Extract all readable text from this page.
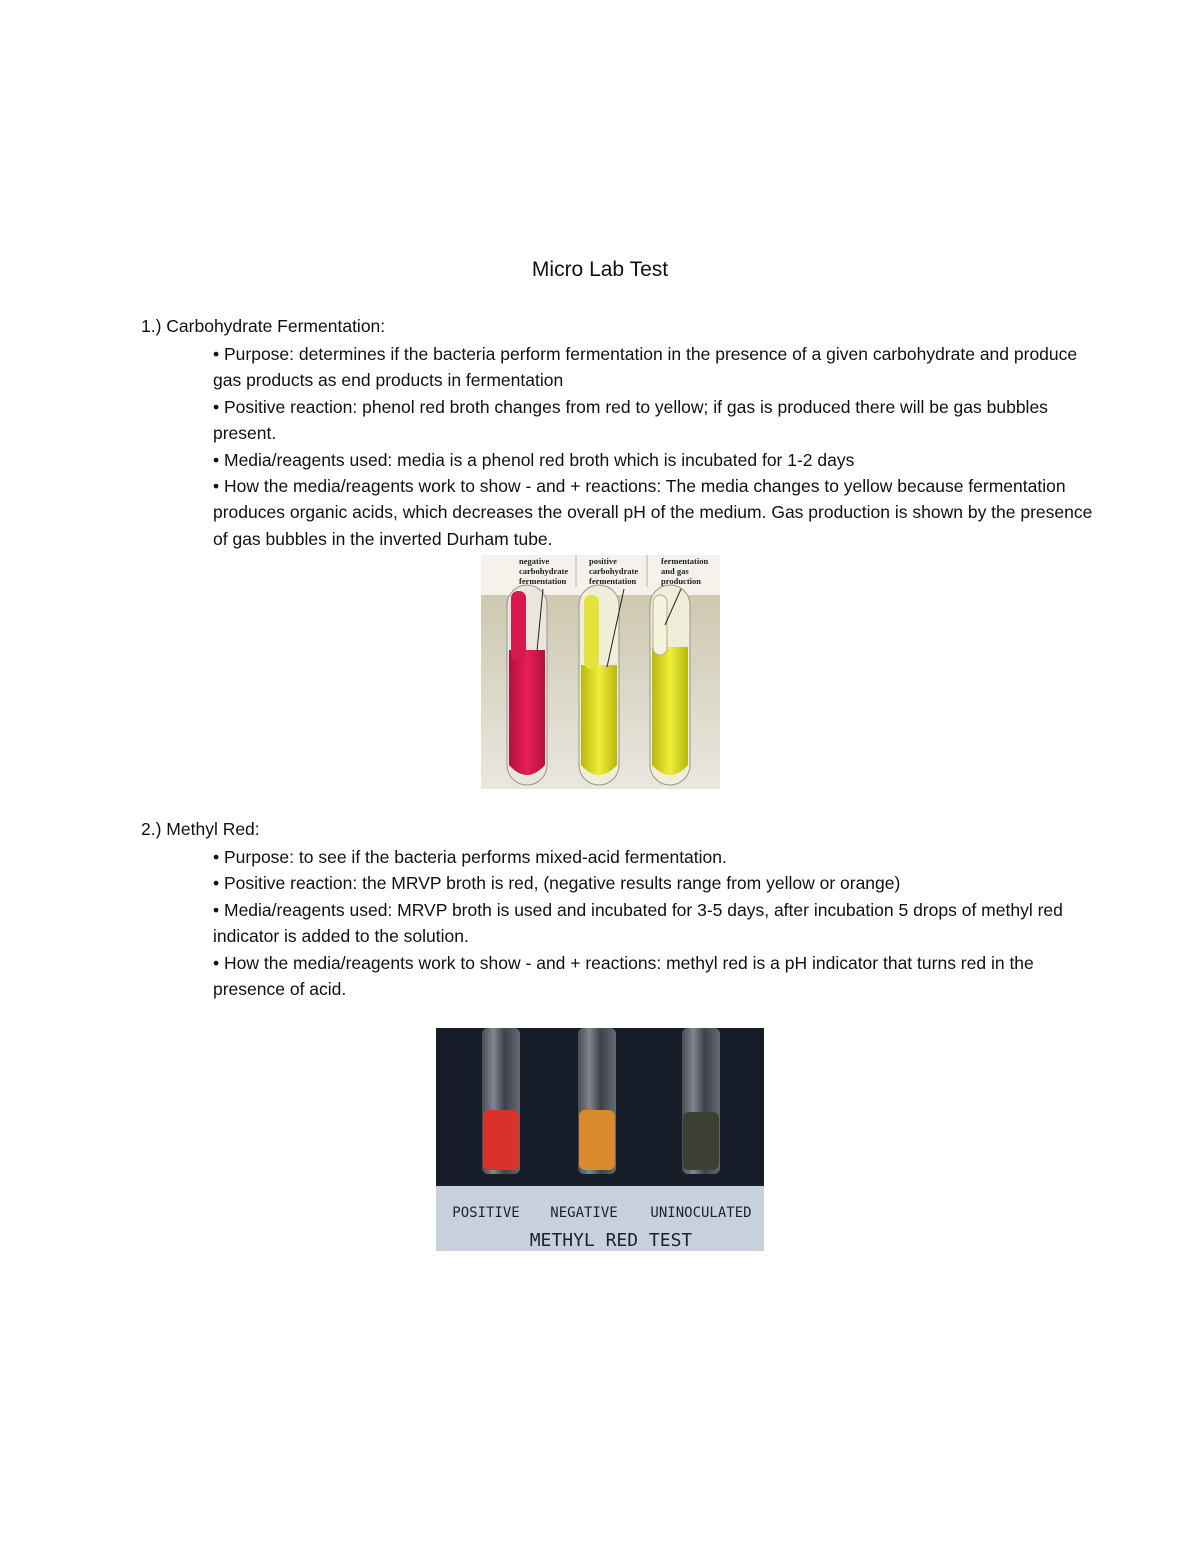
Micro Lab Test
1.) Carbohydrate Fermentation:

• Purpose: determines if the bacteria perform fermentation in the presence of a given carbohydrate and produce gas products as end products in fermentation

• Positive reaction: phenol red broth changes from red to yellow; if gas is produced there will be gas bubbles present.

• Media/reagents used: media is a phenol red broth which is incubated for 1-2 days

• How the media/reagents work to show - and + reactions: The media changes to yellow because fermentation produces organic acids, which decreases the overall pH of the medium. Gas production is shown by the presence of gas bubbles in the inverted Durham tube.

negative carbohydrate fermentation
positive carbohydrate fermentation
fermentation and gas production
2.) Methyl Red:

• Purpose: to see if the bacteria performs mixed-acid fermentation.

• Positive reaction: the MRVP broth is red, (negative results range from yellow or orange)

• Media/reagents used: MRVP broth is used and incubated for 3-5 days, after incubation 5 drops of methyl red indicator is added to the solution.

• How the media/reagents work to show - and + reactions: methyl red is a pH indicator that turns red in the presence of acid.

POSITIVE NEGATIVE UNINOCULATED
METHYL RED TEST
